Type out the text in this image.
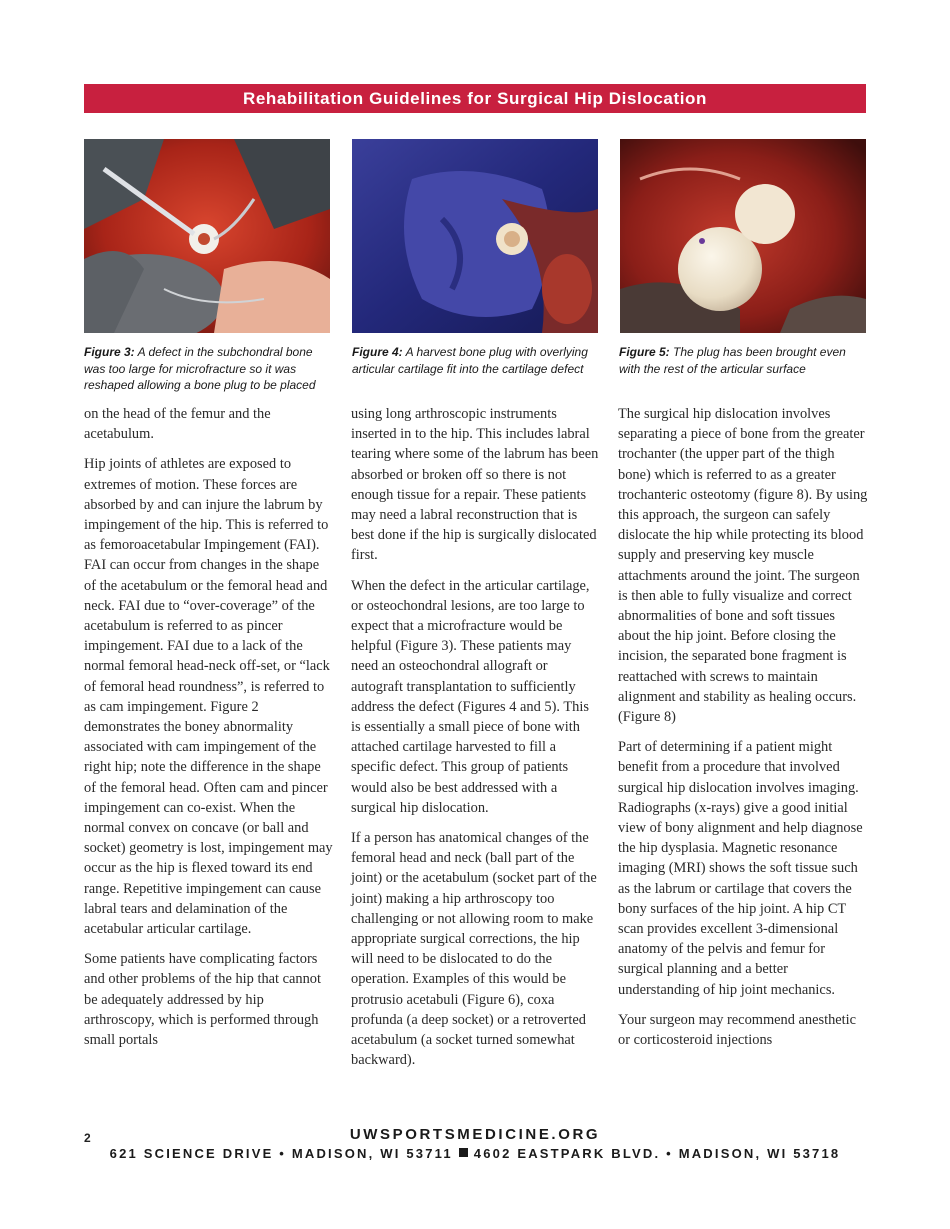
Rehabilitation Guidelines for Surgical Hip Dislocation
Figure 3: A defect in the subchondral bone was too large for microfracture so it was reshaped allowing a bone plug to be placed
Figure 4: A harvest bone plug with overlying articular cartilage fit into the cartilage defect
Figure 5: The plug has been brought even with the rest of the articular surface

on the head of the femur and the acetabulum.

Hip joints of athletes are exposed to extremes of motion. These forces are absorbed by and can injure the labrum by impingement of the hip. This is referred to as femoroacetabular Impingement (FAI). FAI can occur from changes in the shape of the acetabulum or the femoral head and neck. FAI due to “over-coverage” of the acetabulum is referred to as pincer impingement. FAI due to a lack of the normal femoral head-neck off-set, or “lack of femoral head roundness”, is referred to as cam impingement. Figure 2 demonstrates the boney abnormality associated with cam impingement of the right hip; note the difference in the shape of the femoral head. Often cam and pincer impingement can co-exist. When the normal convex on concave (or ball and socket) geometry is lost, impingement may occur as the hip is flexed toward its end range. Repetitive impingement can cause labral tears and delamination of the acetabular articular cartilage.

Some patients have complicating factors and other problems of the hip that cannot be adequately addressed by hip arthroscopy, which is performed through small portals

using long arthroscopic instruments inserted in to the hip. This includes labral tearing where some of the labrum has been absorbed or broken off so there is not enough tissue for a repair. These patients may need a labral reconstruction that is best done if the hip is surgically dislocated first.

When the defect in the articular cartilage, or osteochondral lesions, are too large to expect that a microfracture would be helpful (Figure 3). These patients may need an osteochondral allograft or autograft transplantation to sufficiently address the defect (Figures 4 and 5). This is essentially a small piece of bone with attached cartilage harvested to fill a specific defect. This group of patients would also be best addressed with a surgical hip dislocation.

If a person has anatomical changes of the femoral head and neck (ball part of the joint) or the acetabulum (socket part of the joint) making a hip arthroscopy too challenging or not allowing room to make appropriate surgical corrections, the hip will need to be dislocated to do the operation. Examples of this would be protrusio acetabuli (Figure 6), coxa profunda (a deep socket) or a retroverted acetabulum (a socket turned somewhat backward).

The surgical hip dislocation involves separating a piece of bone from the greater trochanter (the upper part of the thigh bone) which is referred to as a greater trochanteric osteotomy (figure 8). By using this approach, the surgeon can safely dislocate the hip while protecting its blood supply and preserving key muscle attachments around the joint. The surgeon is then able to fully visualize and correct abnormalities of bone and soft tissues about the hip joint. Before closing the incision, the separated bone fragment is reattached with screws to maintain alignment and stability as healing occurs. (Figure 8)

Part of determining if a patient might benefit from a procedure that involved surgical hip dislocation involves imaging. Radiographs (x-rays) give a good initial view of bony alignment and help diagnose the hip dysplasia. Magnetic resonance imaging (MRI) shows the soft tissue such as the labrum or cartilage that covers the bony surfaces of the hip joint. A hip CT scan provides excellent 3-dimensional anatomy of the pelvis and femur for surgical planning and a better understanding of hip joint mechanics.

Your surgeon may recommend anesthetic or corticosteroid injections

2	UWSPORTSMEDICINE.ORG
621 SCIENCE DRIVE • MADISON, WI 53711 4602 EASTPARK BLVD. • MADISON, WI 53718
